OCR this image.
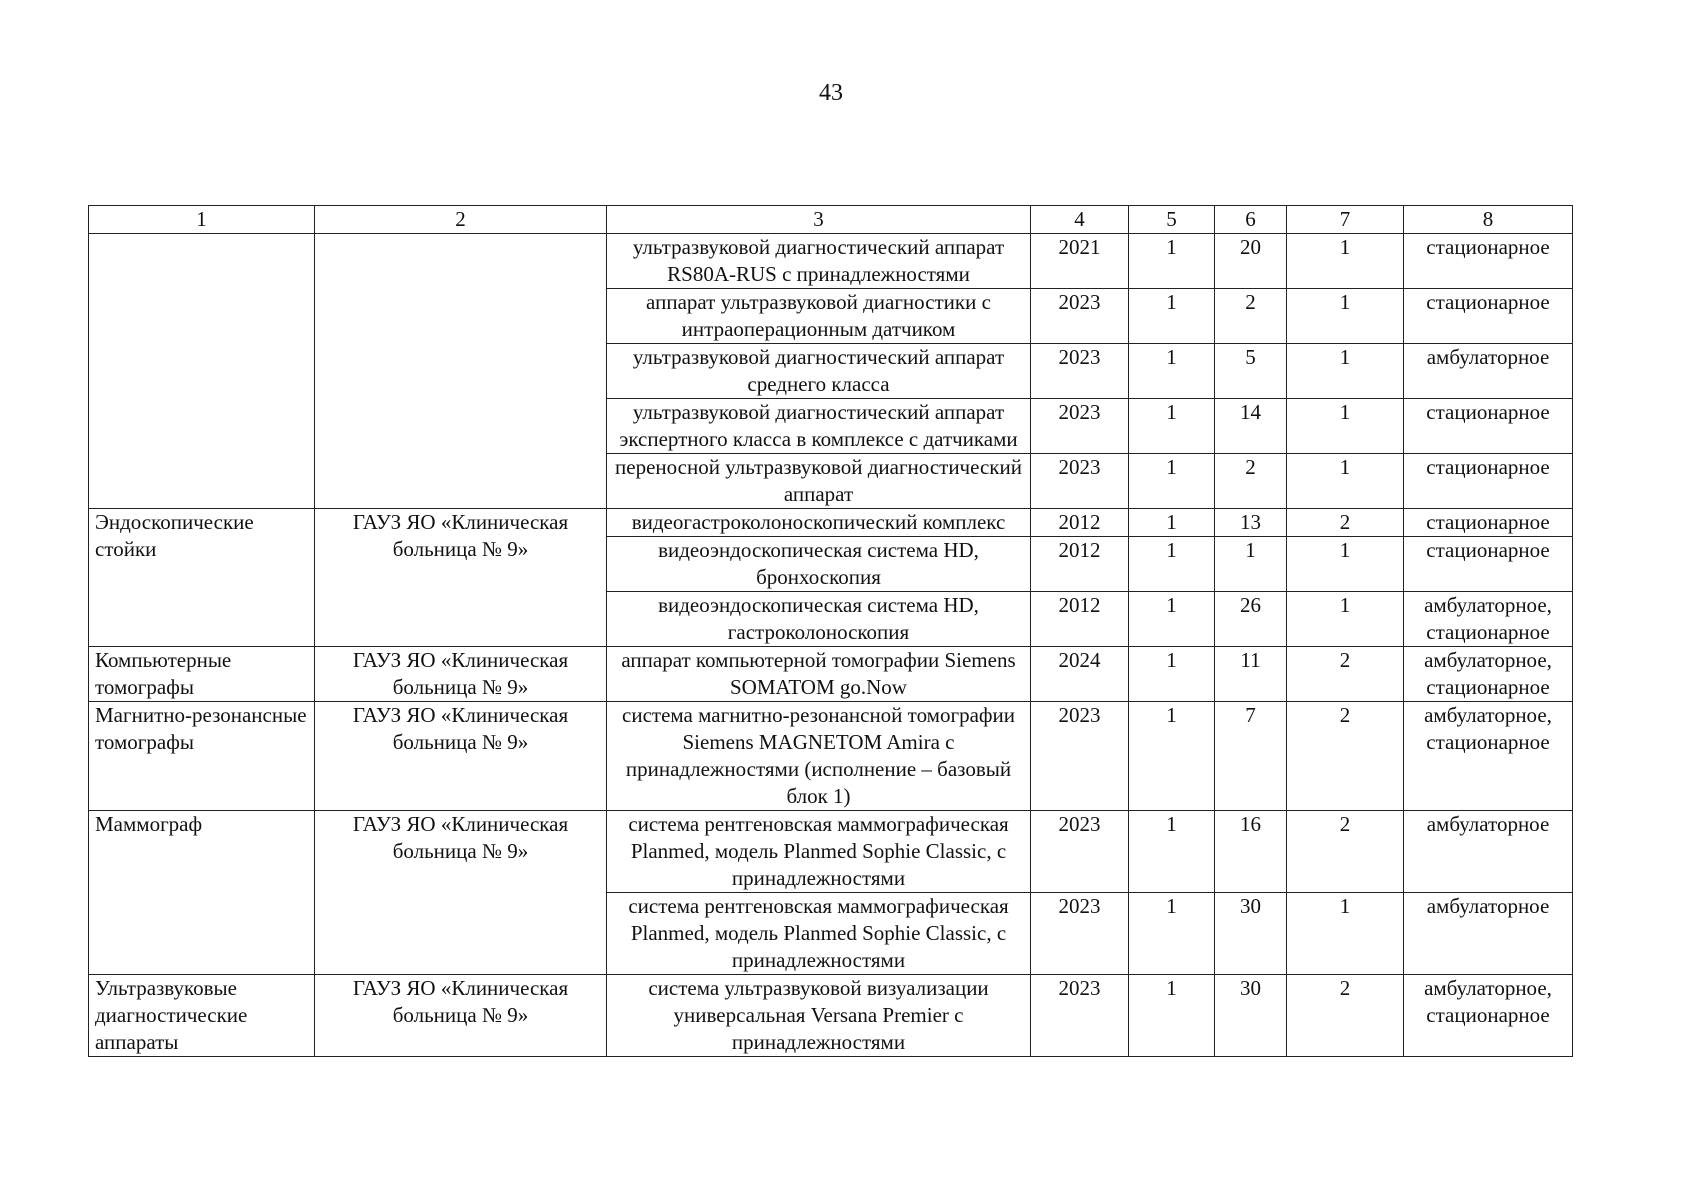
43
1	2	3	4	5	6	7	8
		ультразвуковой диагностический аппарат RS80A-RUS с принадлежностями	2021	1	20	1	стационарное
		аппарат ультразвуковой диагностики с интраоперационным датчиком	2023	1	2	1	стационарное
		ультразвуковой диагностический аппарат среднего класса	2023	1	5	1	амбулаторное
		ультразвуковой диагностический аппарат экспертного класса в комплексе с датчиками	2023	1	14	1	стационарное
		переносной ультразвуковой диагностический аппарат	2023	1	2	1	стационарное
Эндоскопические стойки	ГАУЗ ЯО «Клиническая больница № 9»	видеогастроколоноскопический комплекс	2012	1	13	2	стационарное
		видеоэндоскопическая система HD, бронхоскопия	2012	1	1	1	стационарное
		видеоэндоскопическая система HD, гастроколоноскопия	2012	1	26	1	амбулаторное, стационарное
Компьютерные томографы	ГАУЗ ЯО «Клиническая больница № 9»	аппарат компьютерной томографии Siemens SOMATOM go.Now	2024	1	11	2	амбулаторное, стационарное
Магнитно-резонансные томографы	ГАУЗ ЯО «Клиническая больница № 9»	система магнитно-резонансной томографии Siemens MAGNETOM Amira с принадлежностями (исполнение – базовый блок 1)	2023	1	7	2	амбулаторное, стационарное
Маммограф	ГАУЗ ЯО «Клиническая больница № 9»	система рентгеновская маммографическая Planmed, модель Planmed Sophie Classic, с принадлежностями	2023	1	16	2	амбулаторное
		система рентгеновская маммографическая Planmed, модель Planmed Sophie Classic, с принадлежностями	2023	1	30	1	амбулаторное
Ультразвуковые диагностические аппараты	ГАУЗ ЯО «Клиническая больница № 9»	система ультразвуковой визуализации универсальная Versana Premier с принадлежностями	2023	1	30	2	амбулаторное, стационарное
